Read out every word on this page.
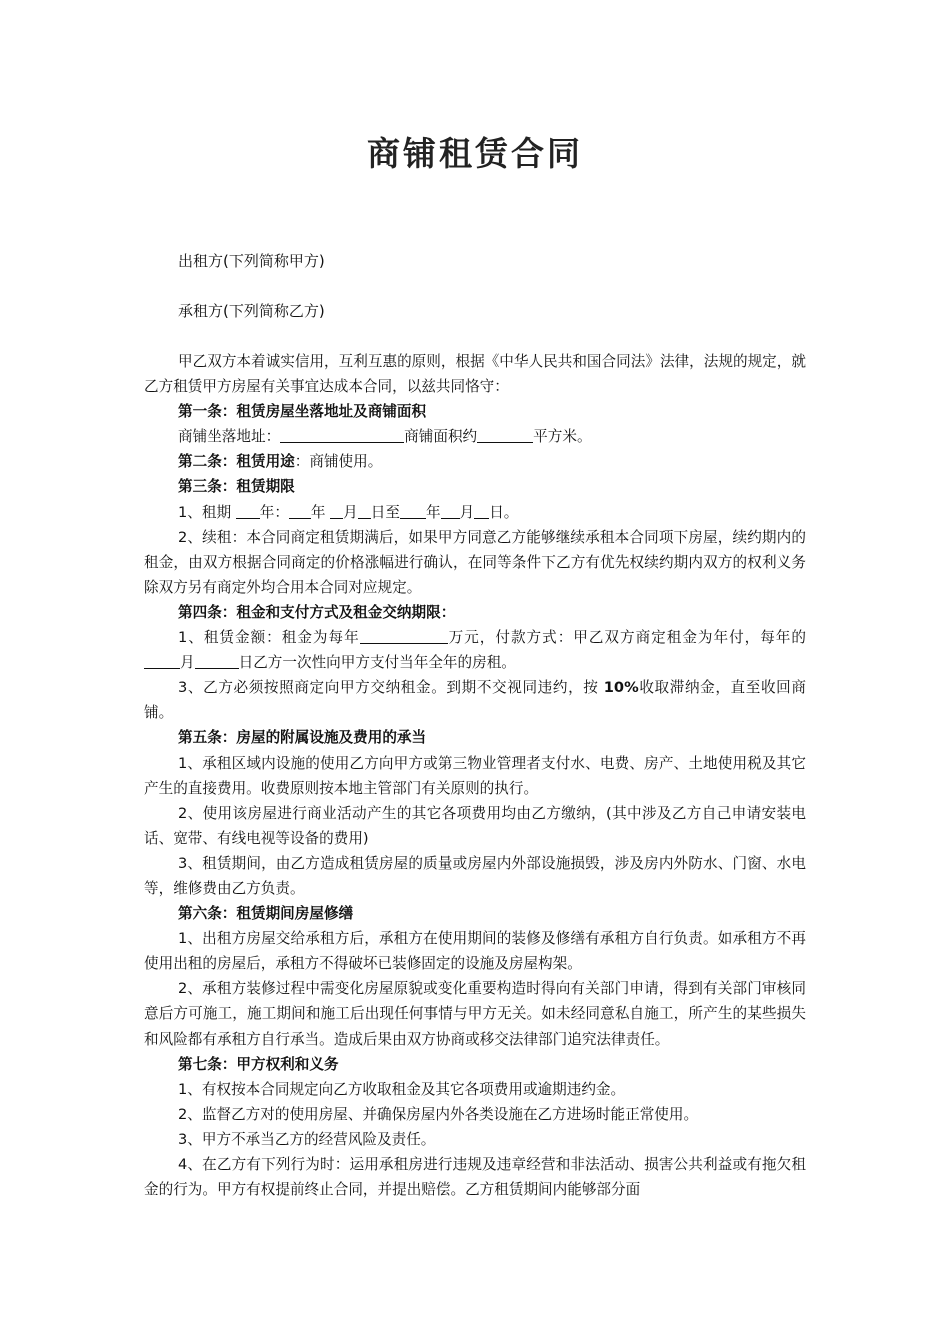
商铺租赁合同
出租方(下列简称甲方)
承租方(下列简称乙方)

甲乙双方本着诚实信用，互利互惠的原则，根据《中华人民共和国合同法》法律，法规的规定，就乙方租赁甲方房屋有关事宜达成本合同，以兹共同恪守：

第一条：租赁房屋坐落地址及商铺面积

商铺坐落地址：	商铺面积约	平方米。

第二条：租赁用途：商铺使用。

第三条：租赁期限

1、租期 年： 年 月 日至 年 月 日。

2、续租：本合同商定租赁期满后，如果甲方同意乙方能够继续承租本合同项下房屋，续约期内的租金，由双方根据合同商定的价格涨幅进行确认，在同等条件下乙方有优先权续约期内双方的权利义务除双方另有商定外均合用本合同对应规定。

第四条：租金和支付方式及租金交纳期限：

1、租赁金额：租金为每年	万元，付款方式：甲乙双方商定租金为年付，每年的月	日乙方一次性向甲方支付当年全年的房租。

3、乙方必须按照商定向甲方交纳租金。到期不交视同违约，按 10%收取滞纳金，直至收回商铺。

第五条：房屋的附属设施及费用的承当

1、承租区域内设施的使用乙方向甲方或第三物业管理者支付水、电费、房产、土地使用税及其它产生的直接费用。收费原则按本地主管部门有关原则的执行。

2、使用该房屋进行商业活动产生的其它各项费用均由乙方缴纳，(其中涉及乙方自己申请安装电话、宽带、有线电视等设备的费用)

3、租赁期间，由乙方造成租赁房屋的质量或房屋内外部设施损毁，涉及房内外防水、门窗、水电等，维修费由乙方负责。

第六条：租赁期间房屋修缮

1、出租方房屋交给承租方后，承租方在使用期间的装修及修缮有承租方自行负责。如承租方不再使用出租的房屋后，承租方不得破坏已装修固定的设施及房屋构架。

2、承租方装修过程中需变化房屋原貌或变化重要构造时得向有关部门申请，得到有关部门审核同意后方可施工，施工期间和施工后出现任何事情与甲方无关。如未经同意私自施工，所产生的某些损失和风险都有承租方自行承当。造成后果由双方协商或移交法律部门追究法律责任。

第七条：甲方权利和义务

1、有权按本合同规定向乙方收取租金及其它各项费用或逾期违约金。

2、监督乙方对的使用房屋、并确保房屋内外各类设施在乙方进场时能正常使用。

3、甲方不承当乙方的经营风险及责任。

4、在乙方有下列行为时：运用承租房进行违规及违章经营和非法活动、损害公共利益或有拖欠租金的行为。甲方有权提前终止合同，并提出赔偿。乙方租赁期间内能够部分面
